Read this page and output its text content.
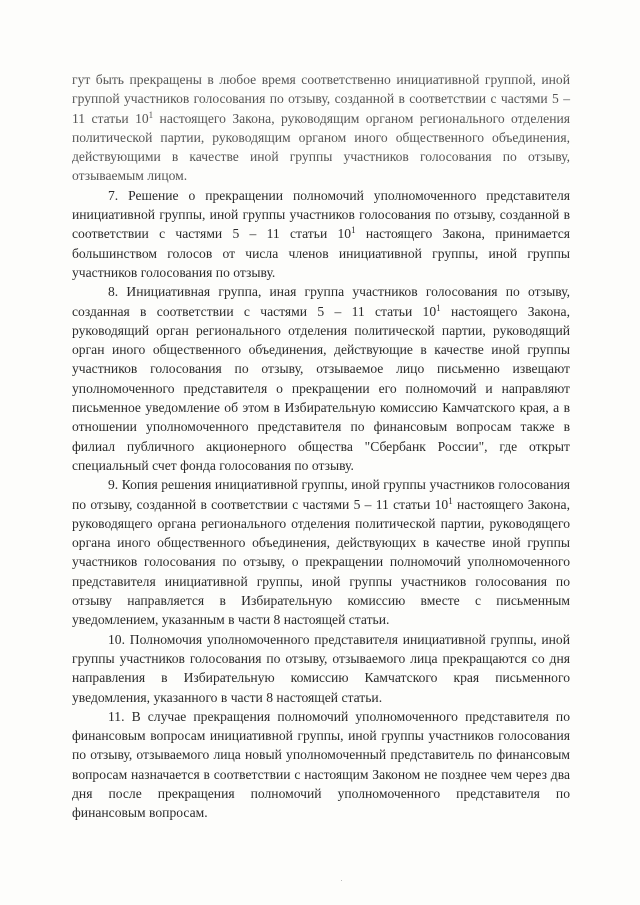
гут быть прекращены в любое время соответственно инициативной группой, иной группой участников голосования по отзыву, созданной в соответствии с частями 5 – 11 статьи $10^1$ настоящего Закона, руководящим органом регионального отделения политической партии, руководящим органом иного общественного объединения, действующими в качестве иной группы участников голосования по отзыву, отзываемым лицом.

7. Решение о прекращении полномочий уполномоченного представителя инициативной группы, иной группы участников голосования по отзыву, созданной в соответствии с частями 5 – 11 статьи $10^1$ настоящего Закона, принимается большинством голосов от числа членов инициативной группы, иной группы участников голосования по отзыву.

8. Инициативная группа, иная группа участников голосования по отзыву, созданная в соответствии с частями 5 – 11 статьи $10^1$ настоящего Закона, руководящий орган регионального отделения политической партии, руководящий орган иного общественного объединения, действующие в качестве иной группы участников голосования по отзыву, отзываемое лицо письменно извещают уполномоченного представителя о прекращении его полномочий и направляют письменное уведомление об этом в Избирательную комиссию Камчатского края, а в отношении уполномоченного представителя по финансовым вопросам также в филиал публичного акционерного общества "Сбербанк России", где открыт специальный счет фонда голосования по отзыву.

9. Копия решения инициативной группы, иной группы участников голосования по отзыву, созданной в соответствии с частями 5 – 11 статьи $10^1$ настоящего Закона, руководящего органа регионального отделения политической партии, руководящего органа иного общественного объединения, действующих в качестве иной группы участников голосования по отзыву, о прекращении полномочий уполномоченного представителя инициативной группы, иной группы участников голосования по отзыву направляется в Избирательную комиссию вместе с письменным уведомлением, указанным в части 8 настоящей статьи.

10. Полномочия уполномоченного представителя инициативной группы, иной группы участников голосования по отзыву, отзываемого лица прекращаются со дня направления в Избирательную комиссию Камчатского края письменного уведомления, указанного в части 8 настоящей статьи.

11. В случае прекращения полномочий уполномоченного представителя по финансовым вопросам инициативной группы, иной группы участников голосования по отзыву, отзываемого лица новый уполномоченный представитель по финансовым вопросам назначается в соответствии с настоящим Законом не позднее чем через два дня после прекращения полномочий уполномоченного представителя по финансовым вопросам.
